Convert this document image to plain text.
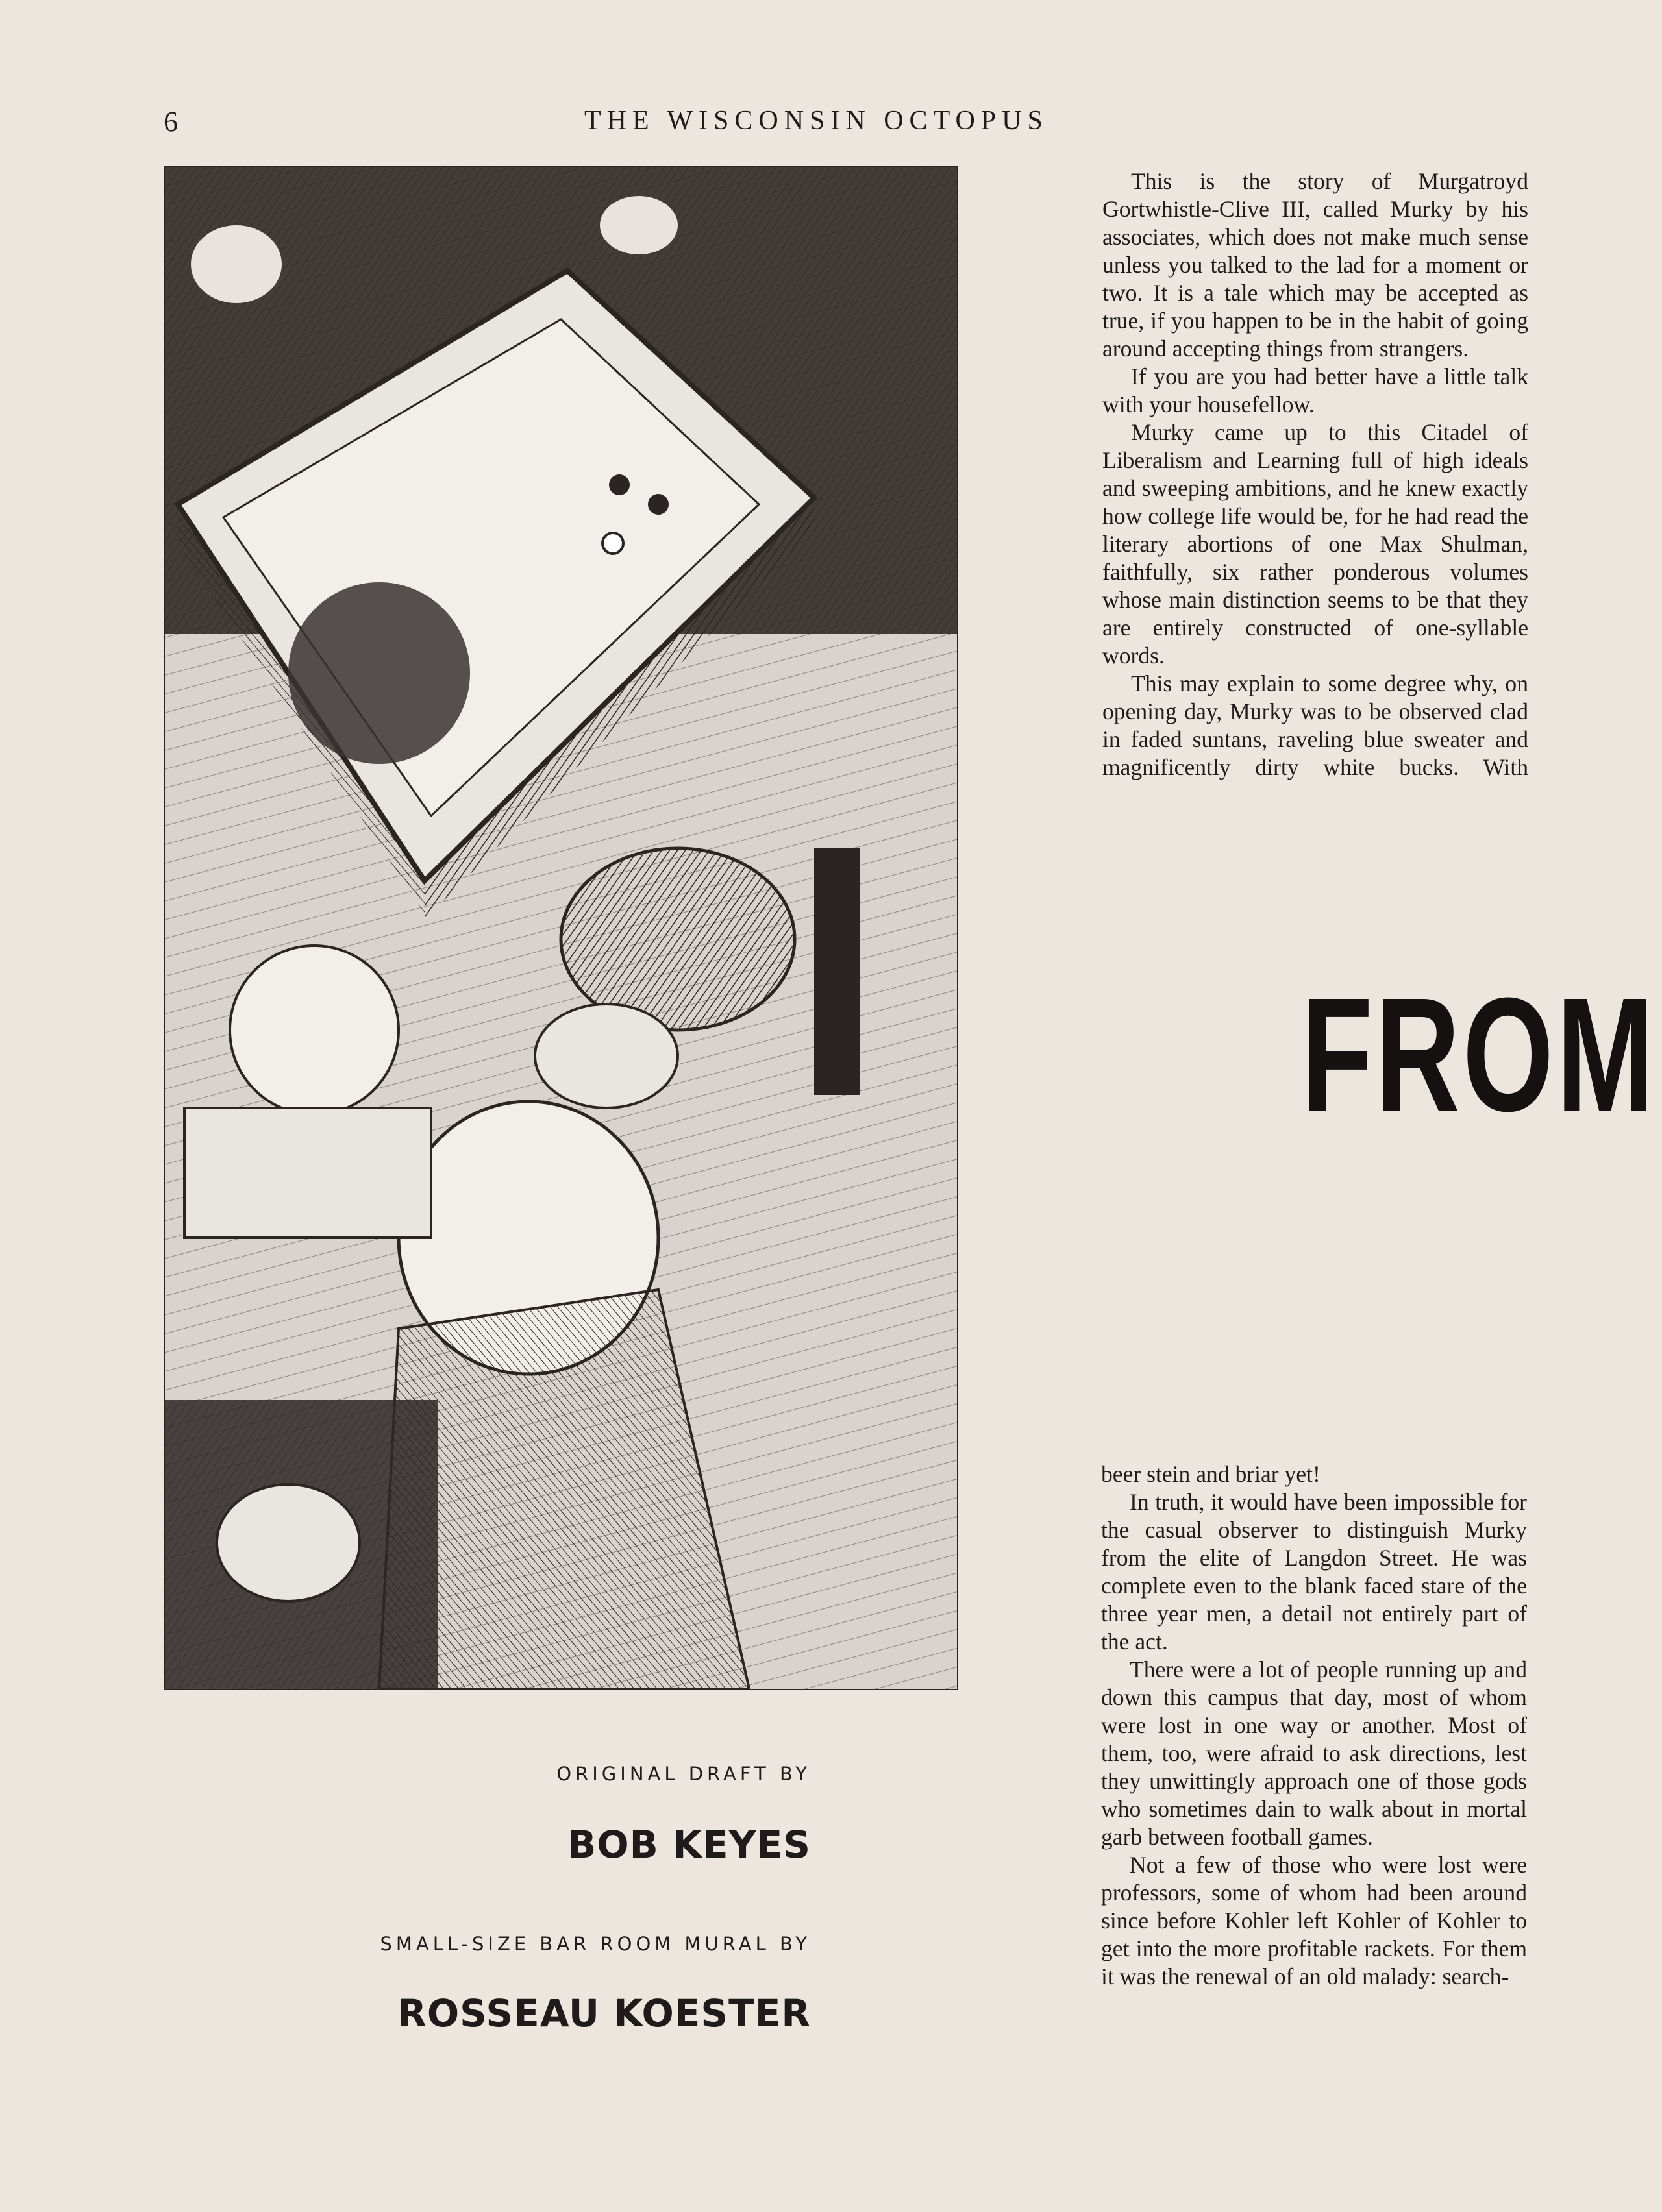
6	THE WISCONSIN OCTOPUS
ORIGINAL DRAFT BY
BOB KEYES
SMALL-SIZE BAR ROOM MURAL BY
ROSSEAU KOESTER

This is the story of Murgatroyd Gortwhistle-Clive III, called Murky by his associates, which does not make much sense unless you talked to the lad for a moment or two. It is a tale which may be accepted as true, if you happen to be in the habit of going around accepting things from strangers.

If you are you had better have a little talk with your housefellow.

Murky came up to this Citadel of Liberalism and Learning full of high ideals and sweeping ambitions, and he knew exactly how college life would be, for he had read the literary abortions of one Max Shulman, faithfully, six rather ponderous volumes whose main distinction seems to be that they are entirely constructed of one-syllable words.

This may explain to some degree why, on opening day, Murky was to be observed clad in faded suntans, raveling blue sweater and magnificently dirty white bucks. With

FROM

beer stein and briar yet!

In truth, it would have been impossible for the casual observer to distinguish Murky from the elite of Langdon Street. He was complete even to the blank faced stare of the three year men, a detail not entirely part of the act.

There were a lot of people running up and down this campus that day, most of whom were lost in one way or another. Most of them, too, were afraid to ask directions, lest they unwittingly approach one of those gods who sometimes dain to walk about in mortal garb between football games.

Not a few of those who were lost were professors, some of whom had been around since before Kohler left Kohler of Kohler to get into the more profitable rackets. For them it was the renewal of an old malady: search-
